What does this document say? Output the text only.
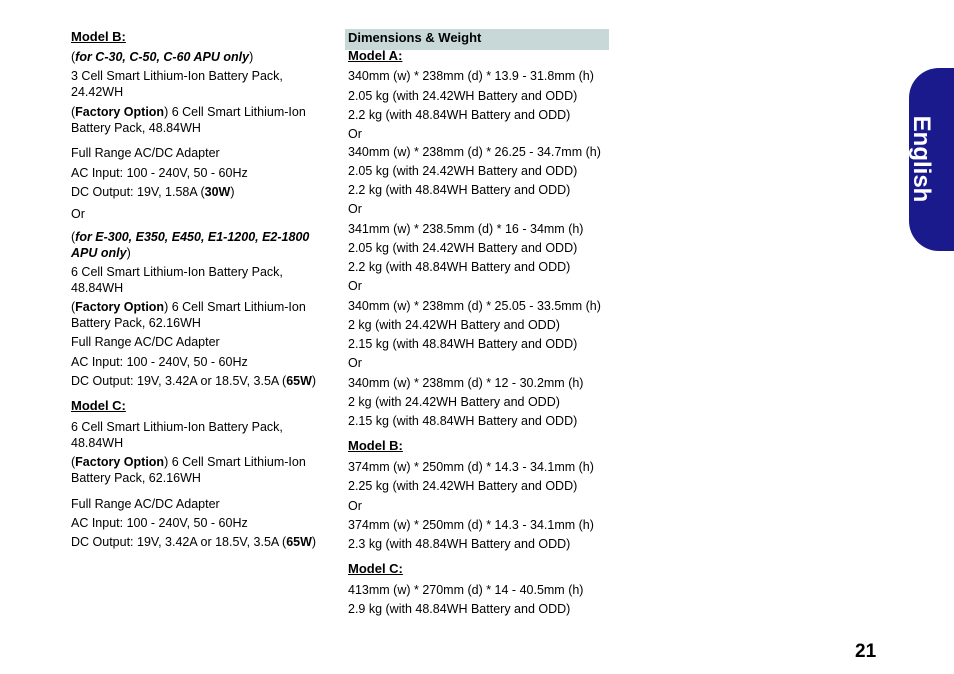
Model B:
(for C-30, C-50, C-60 APU only)
3 Cell Smart Lithium-Ion Battery Pack, 24.42WH
(Factory Option) 6 Cell Smart Lithium-Ion Battery Pack, 48.84WH
Full Range AC/DC Adapter
AC Input: 100 - 240V, 50 - 60Hz
DC Output: 19V, 1.58A (30W)
Or
(for E-300, E350, E450, E1-1200, E2-1800 APU only)
6 Cell Smart Lithium-Ion Battery Pack, 48.84WH
(Factory Option) 6 Cell Smart Lithium-Ion Battery Pack, 62.16WH
Full Range AC/DC Adapter
AC Input: 100 - 240V, 50 - 60Hz
DC Output: 19V, 3.42A or 18.5V, 3.5A (65W)
Model C:
6 Cell Smart Lithium-Ion Battery Pack, 48.84WH
(Factory Option) 6 Cell Smart Lithium-Ion Battery Pack, 62.16WH
Full Range AC/DC Adapter
AC Input: 100 - 240V, 50 - 60Hz
DC Output: 19V, 3.42A or 18.5V, 3.5A (65W)
Dimensions & Weight
Model A:
340mm (w) * 238mm (d) * 13.9 - 31.8mm (h)
2.05 kg (with 24.42WH Battery and ODD)
2.2 kg (with 48.84WH Battery and ODD)
Or
340mm (w) * 238mm (d) * 26.25 - 34.7mm (h)
2.05 kg (with 24.42WH Battery and ODD)
2.2 kg (with 48.84WH Battery and ODD)
Or
341mm (w) * 238.5mm (d) * 16 - 34mm (h)
2.05 kg (with 24.42WH Battery and ODD)
2.2 kg (with 48.84WH Battery and ODD)
Or
340mm (w) * 238mm (d) * 25.05 - 33.5mm (h)
2 kg (with 24.42WH Battery and ODD)
2.15 kg (with 48.84WH Battery and ODD)
Or
340mm (w) * 238mm (d) * 12 - 30.2mm (h)
2 kg (with 24.42WH Battery and ODD)
2.15 kg (with 48.84WH Battery and ODD)
Model B:
374mm (w) * 250mm (d) * 14.3 - 34.1mm (h)
2.25 kg (with 24.42WH Battery and ODD)
Or
374mm (w) * 250mm (d) * 14.3 - 34.1mm (h)
2.3 kg (with 48.84WH Battery and ODD)
Model C:
413mm (w) * 270mm (d) * 14 - 40.5mm (h)
2.9 kg (with 48.84WH Battery and ODD)
English
21
